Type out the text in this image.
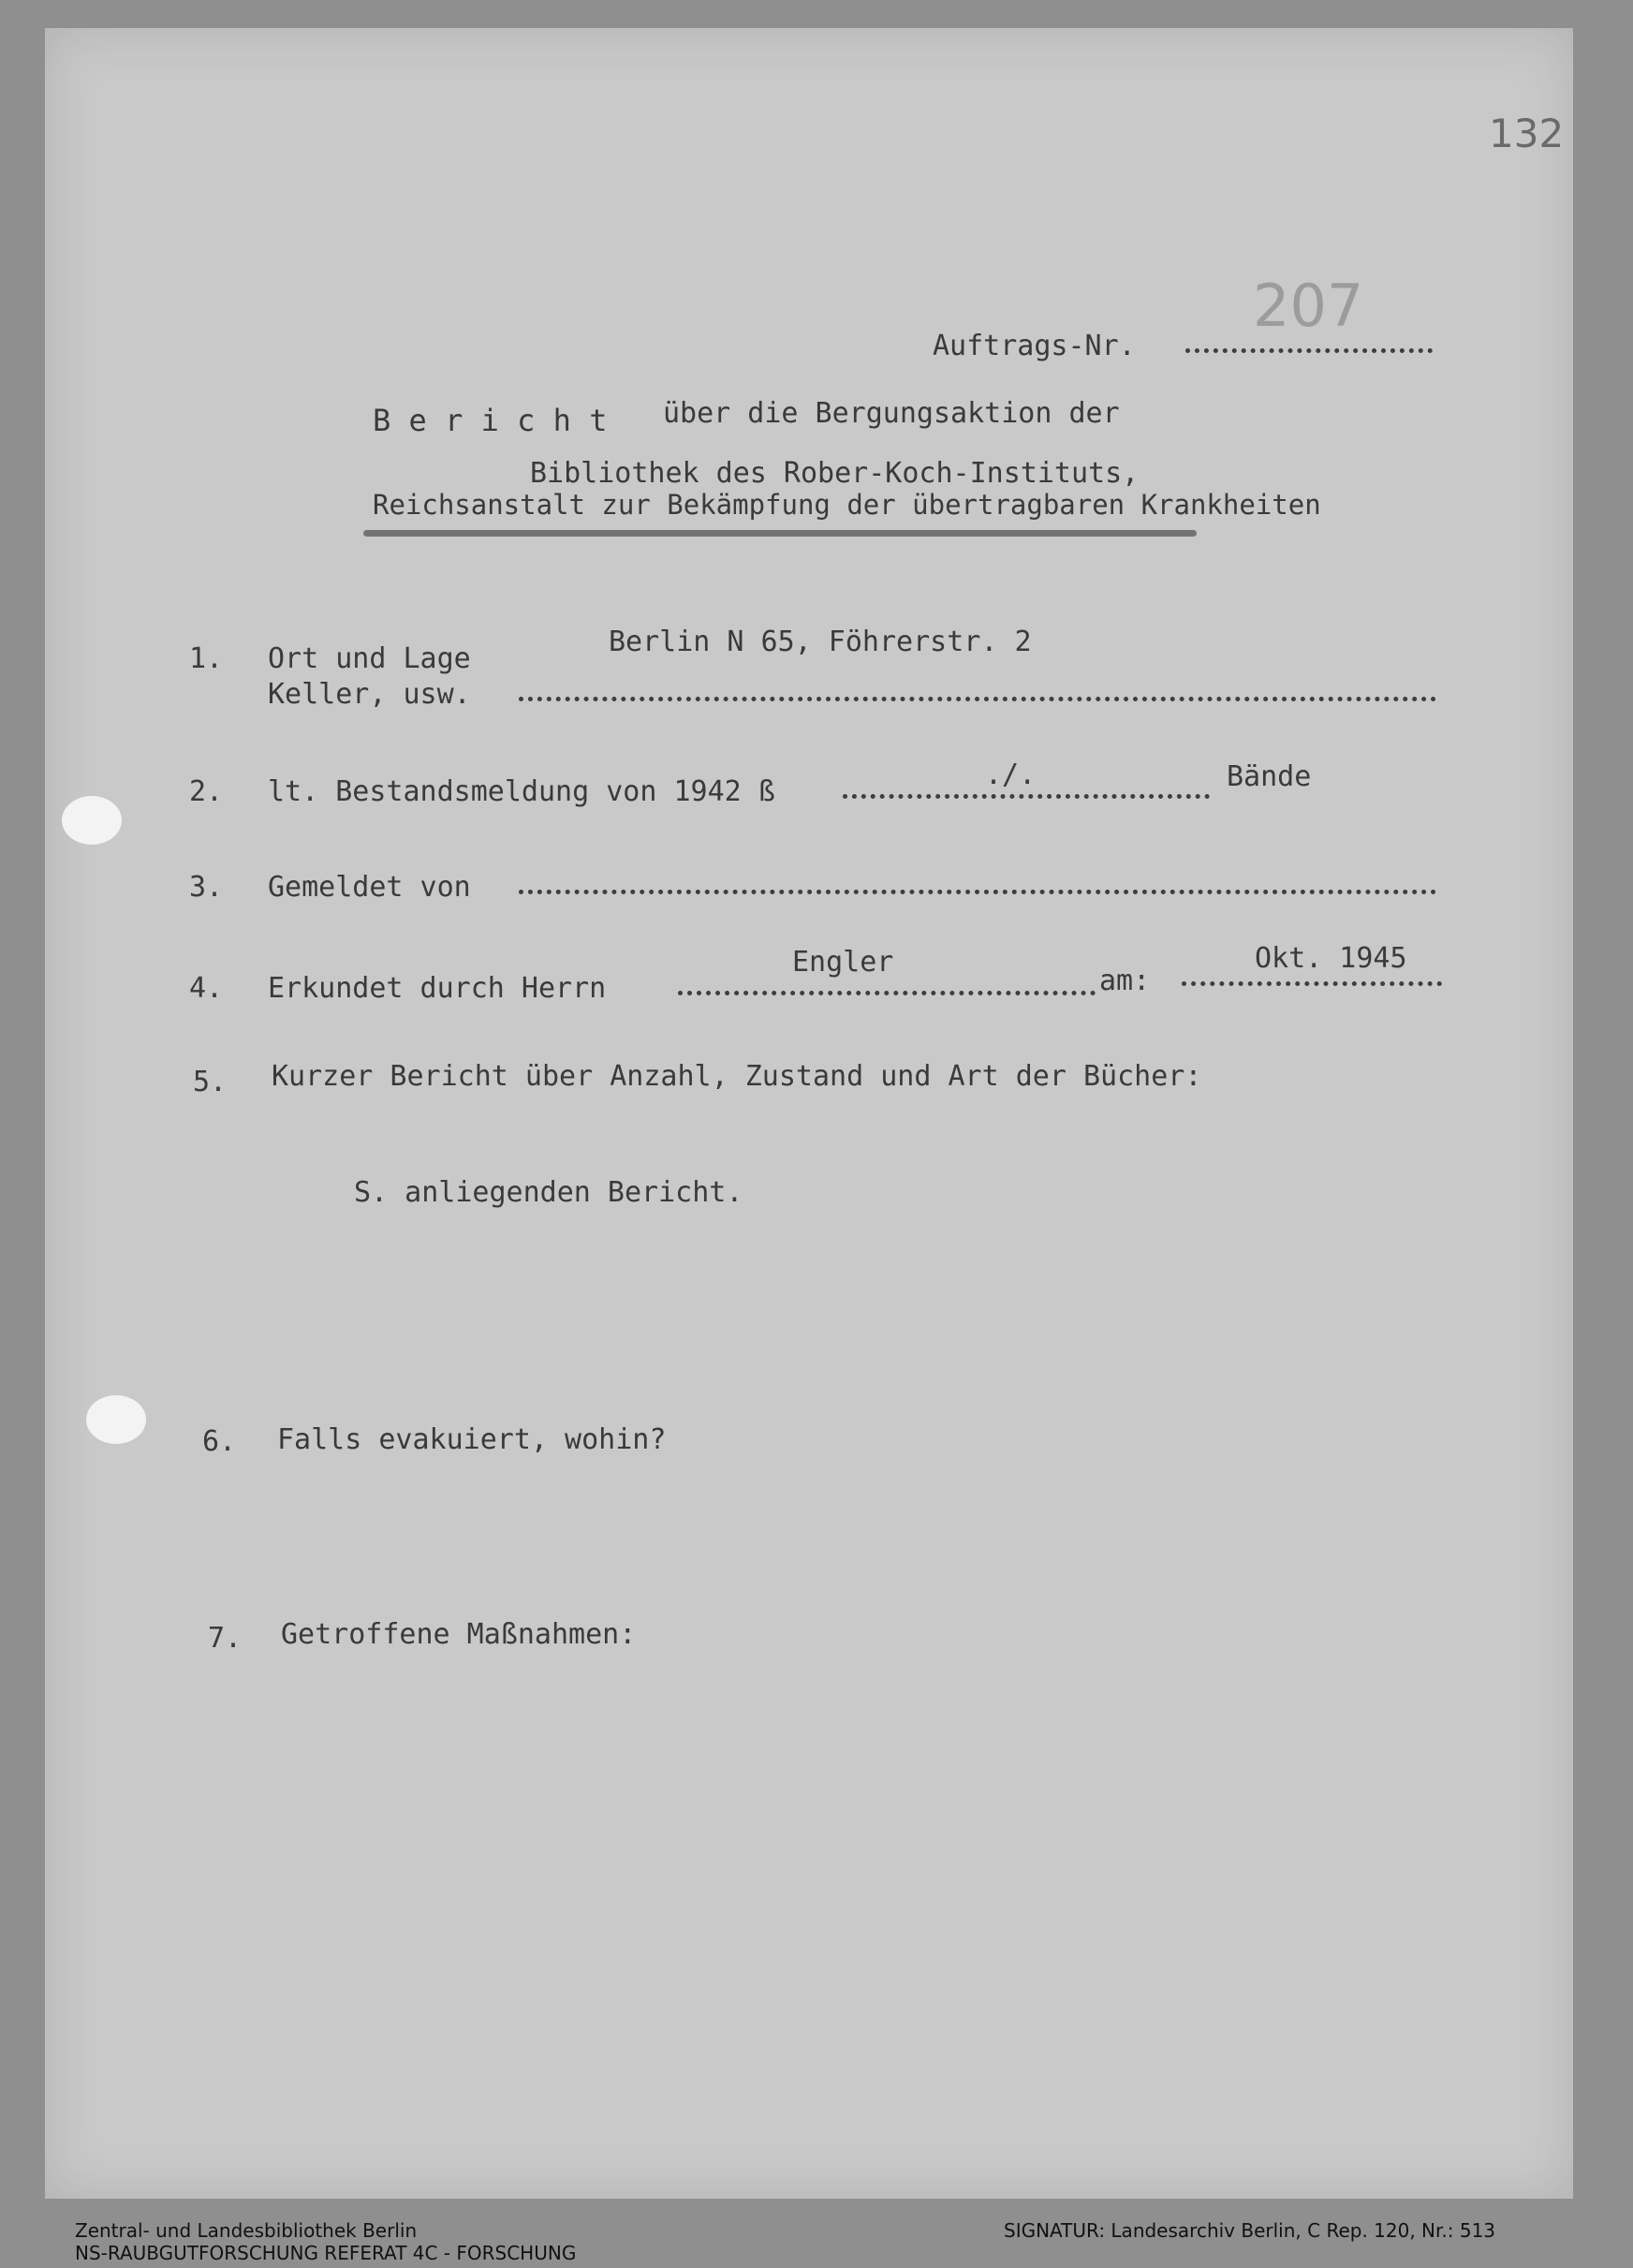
132
207
Auftrags-Nr.
B e r i c h t über die Bergungsaktion der
Bibliothek des Rober-Koch-Instituts,
Reichsanstalt zur Bekämpfung der übertragbaren Krankheiten
1. Ort und Lage
Keller, usw.
Berlin N 65, Föhrerstr. 2
2. lt. Bestandsmeldung von 1942 ß
./.	Bände
3. Gemeldet von
4. Erkundet durch Herrn
Engler
am:
Okt. 1945
5. Kurzer Bericht über Anzahl, Zustand und Art der Bücher:
S. anliegenden Bericht.
6. Falls evakuiert, wohin?
7. Getroffene Maßnahmen:
Zentral- und Landesbibliothek Berlin
NS-RAUBGUTFORSCHUNG REFERAT 4C - FORSCHUNG
SIGNATUR: Landesarchiv Berlin, C Rep. 120, Nr.: 513
